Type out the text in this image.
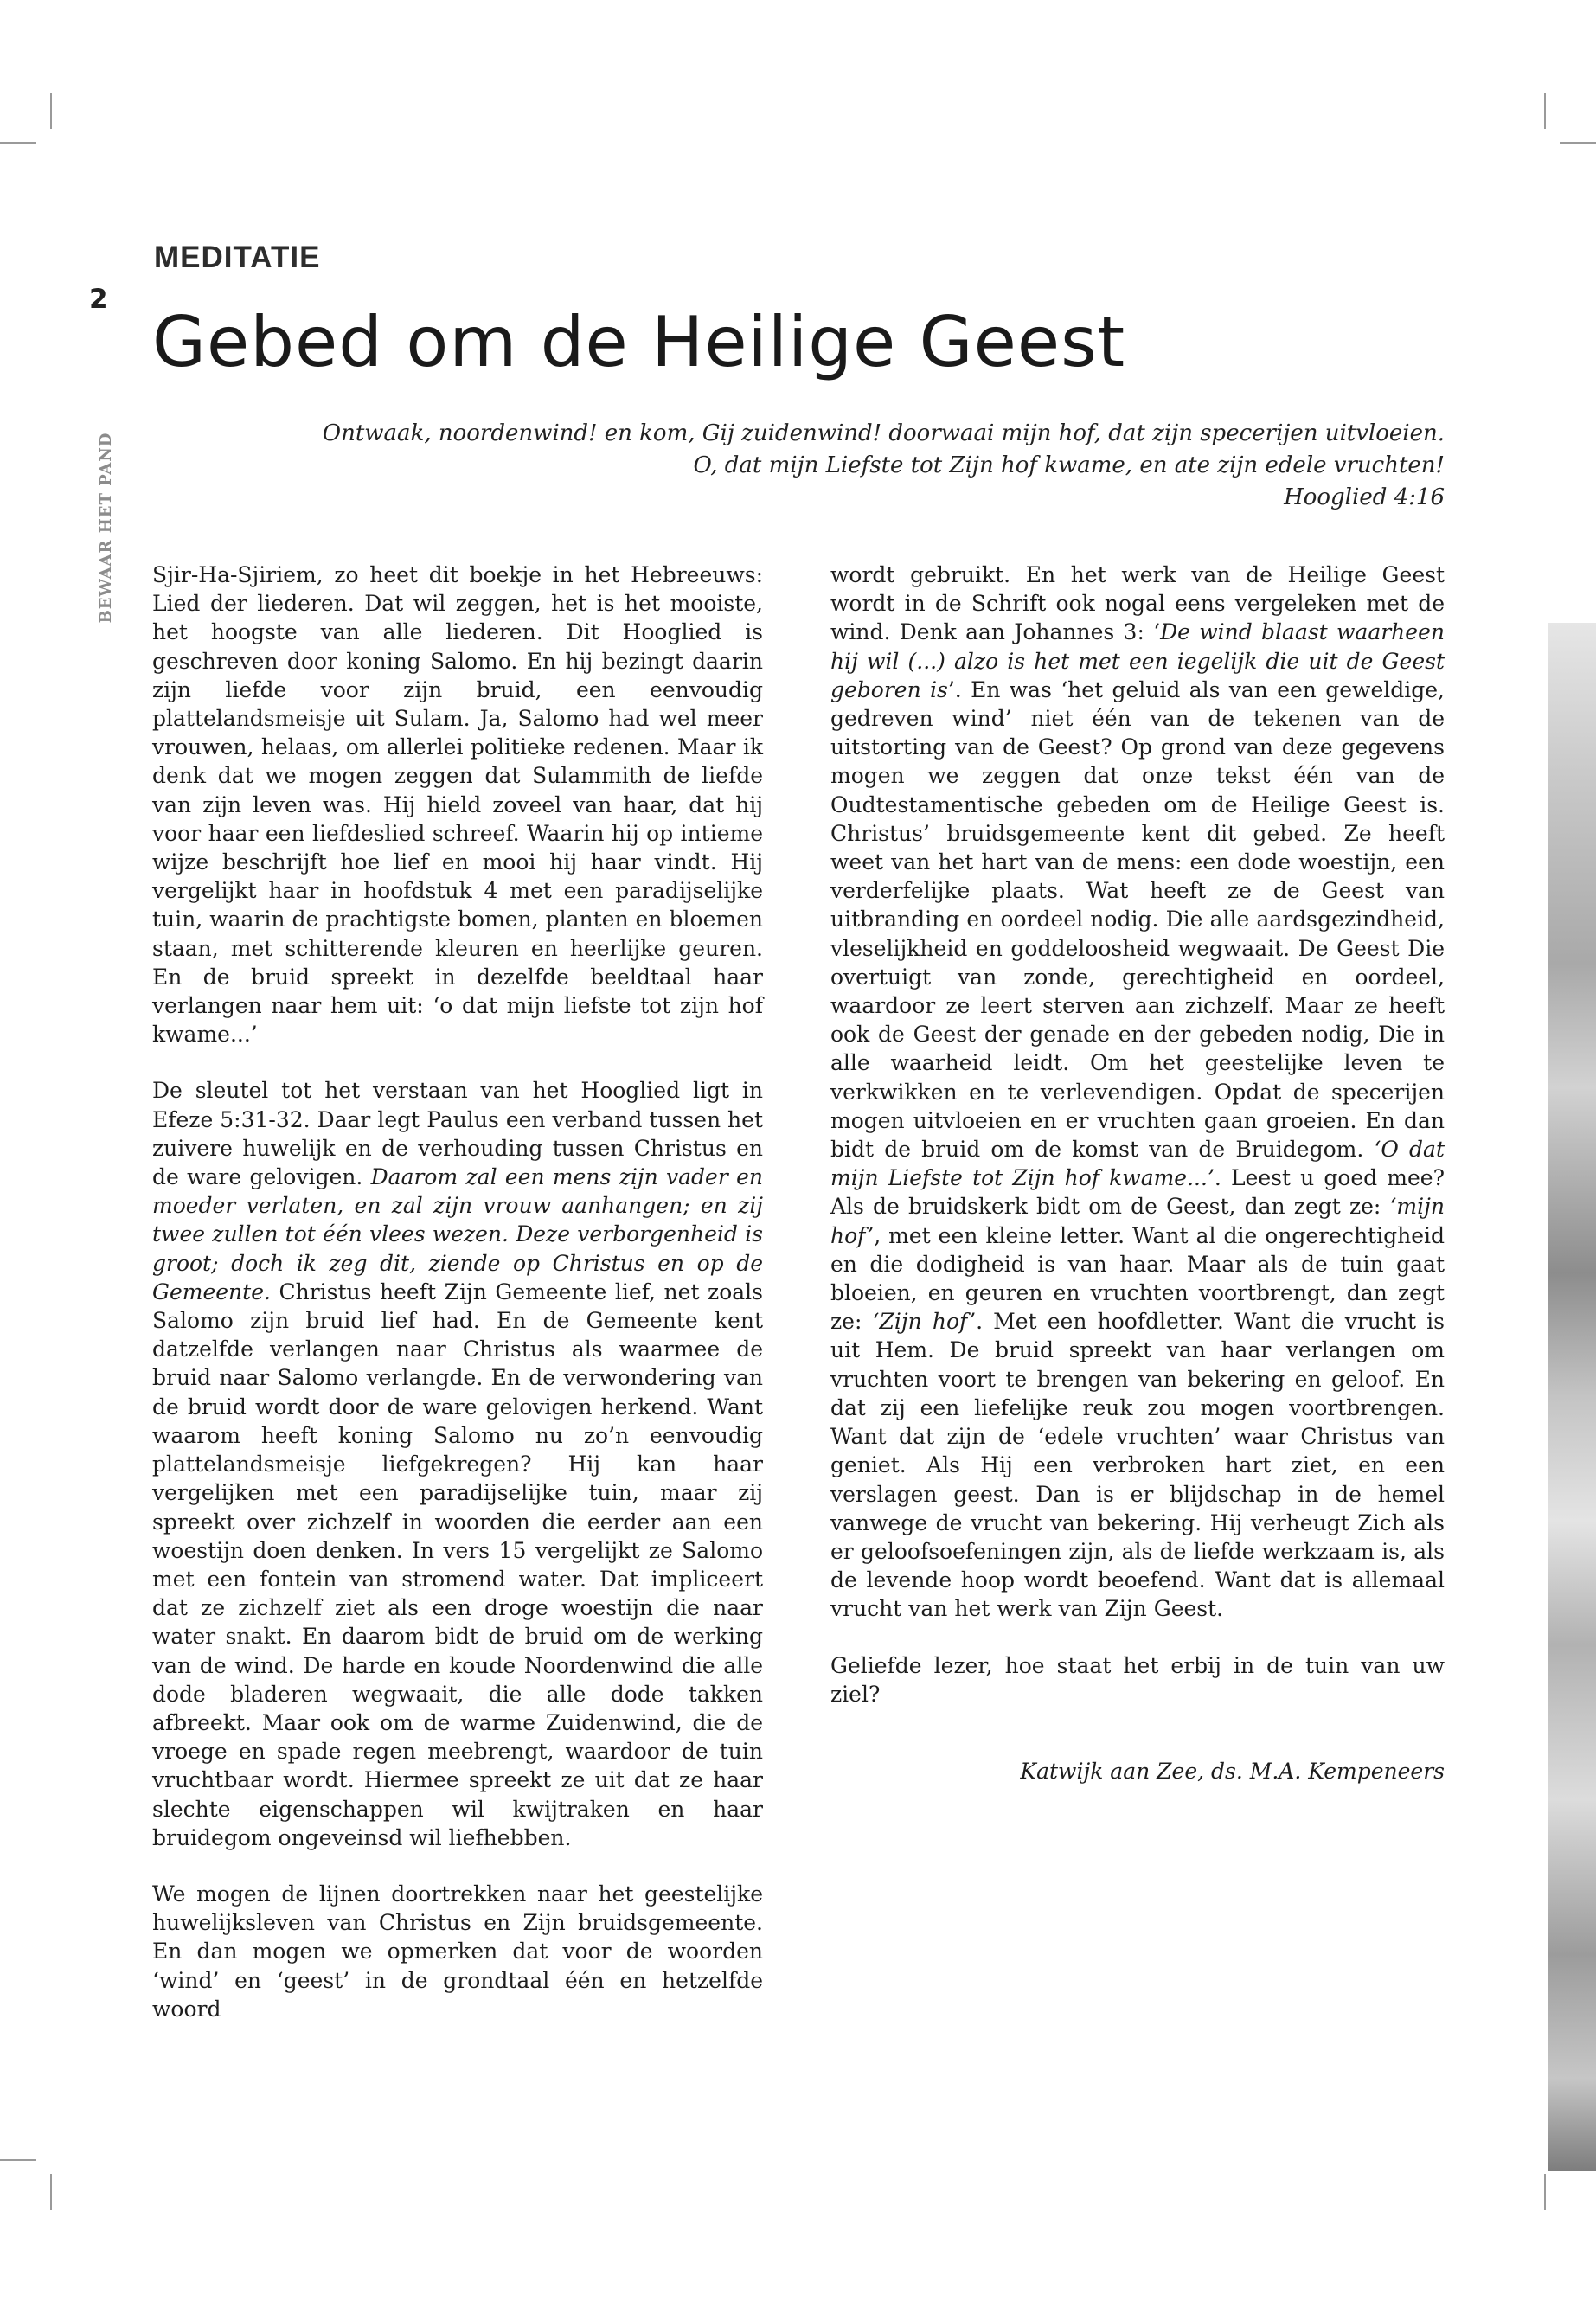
2
BEWAAR HET PAND
MEDITATIE
Gebed om de Heilige Geest
Ontwaak, noordenwind! en kom, Gij zuidenwind! doorwaai mijn hof, dat zijn specerijen uitvloeien.
O, dat mijn Liefste tot Zijn hof kwame, en ate zijn edele vruchten!
Hooglied 4:16

Sjir-Ha-Sjiriem, zo heet dit boekje in het Hebreeuws: Lied der liederen. Dat wil zeggen, het is het mooiste, het hoogste van alle liederen. Dit Hooglied is geschreven door koning Salomo. En hij bezingt daarin zijn liefde voor zijn bruid, een eenvoudig plattelandsmeisje uit Sulam. Ja, Salomo had wel meer vrouwen, helaas, om allerlei politieke redenen. Maar ik denk dat we mogen zeggen dat Sulammith de liefde van zijn leven was. Hij hield zoveel van haar, dat hij voor haar een liefdeslied schreef. Waarin hij op intieme wijze beschrijft hoe lief en mooi hij haar vindt. Hij vergelijkt haar in hoofdstuk 4 met een paradijselijke tuin, waarin de prachtigste bomen, planten en bloemen staan, met schitterende kleuren en heerlijke geuren. En de bruid spreekt in dezelfde beeldtaal haar verlangen naar hem uit: ‘o dat mijn liefste tot zijn hof kwame...’

De sleutel tot het verstaan van het Hooglied ligt in Efeze 5:31-32. Daar legt Paulus een verband tussen het zuivere huwelijk en de verhouding tussen Christus en de ware gelovigen. Daarom zal een mens zijn vader en moeder verlaten, en zal zijn vrouw aanhangen; en zij twee zullen tot één vlees wezen. Deze verborgenheid is groot; doch ik zeg dit, ziende op Christus en op de Gemeente. Christus heeft Zijn Gemeente lief, net zoals Salomo zijn bruid lief had. En de Gemeente kent datzelfde verlangen naar Christus als waarmee de bruid naar Salomo verlangde. En de verwondering van de bruid wordt door de ware gelovigen herkend. Want waarom heeft koning Salomo nu zo’n eenvoudig plattelandsmeisje liefgekregen? Hij kan haar vergelijken met een paradijselijke tuin, maar zij spreekt over zichzelf in woorden die eerder aan een woestijn doen denken. In vers 15 vergelijkt ze Salomo met een fontein van stromend water. Dat impliceert dat ze zichzelf ziet als een droge woestijn die naar water snakt. En daarom bidt de bruid om de werking van de wind. De harde en koude Noordenwind die alle dode bladeren wegwaait, die alle dode takken afbreekt. Maar ook om de warme Zuidenwind, die de vroege en spade regen meebrengt, waardoor de tuin vruchtbaar wordt. Hiermee spreekt ze uit dat ze haar slechte eigenschappen wil kwijtraken en haar bruidegom ongeveinsd wil liefhebben.

We mogen de lijnen doortrekken naar het geestelijke huwelijksleven van Christus en Zijn bruidsgemeente. En dan mogen we opmerken dat voor de woorden ‘wind’ en ‘geest’ in de grondtaal één en hetzelfde woord

wordt gebruikt. En het werk van de Heilige Geest wordt in de Schrift ook nogal eens vergeleken met de wind. Denk aan Johannes 3: ‘De wind blaast waarheen hij wil (...) alzo is het met een iegelijk die uit de Geest geboren is’. En was ‘het geluid als van een geweldige, gedreven wind’ niet één van de tekenen van de uitstorting van de Geest? Op grond van deze gegevens mogen we zeggen dat onze tekst één van de Oudtestamentische gebeden om de Heilige Geest is. Christus’ bruidsgemeente kent dit gebed. Ze heeft weet van het hart van de mens: een dode woestijn, een verderfelijke plaats. Wat heeft ze de Geest van uitbranding en oordeel nodig. Die alle aardsgezindheid, vleselijkheid en goddeloosheid wegwaait. De Geest Die overtuigt van zonde, gerechtigheid en oordeel, waardoor ze leert sterven aan zichzelf. Maar ze heeft ook de Geest der genade en der gebeden nodig, Die in alle waarheid leidt. Om het geestelijke leven te verkwikken en te verlevendigen. Opdat de specerijen mogen uitvloeien en er vruchten gaan groeien. En dan bidt de bruid om de komst van de Bruidegom. ‘O dat mijn Liefste tot Zijn hof kwame...’. Leest u goed mee? Als de bruidskerk bidt om de Geest, dan zegt ze: ‘mijn hof’, met een kleine letter. Want al die ongerechtigheid en die dodigheid is van haar. Maar als de tuin gaat bloeien, en geuren en vruchten voortbrengt, dan zegt ze: ‘Zijn hof’. Met een hoofdletter. Want die vrucht is uit Hem. De bruid spreekt van haar verlangen om vruchten voort te brengen van bekering en geloof. En dat zij een liefelijke reuk zou mogen voortbrengen. Want dat zijn de ‘edele vruchten’ waar Christus van geniet. Als Hij een verbroken hart ziet, en een verslagen geest. Dan is er blijdschap in de hemel vanwege de vrucht van bekering. Hij verheugt Zich als er geloofsoefeningen zijn, als de liefde werkzaam is, als de levende hoop wordt beoefend. Want dat is allemaal vrucht van het werk van Zijn Geest.

Geliefde lezer, hoe staat het erbij in de tuin van uw ziel?

Katwijk aan Zee, ds. M.A. Kempeneers
